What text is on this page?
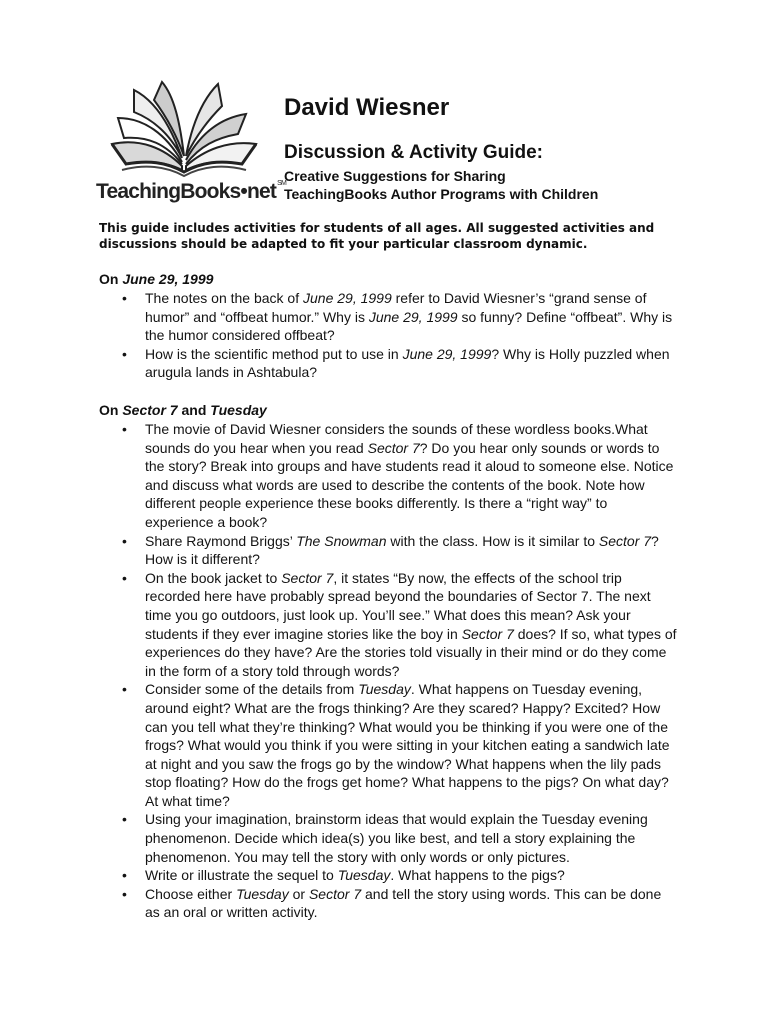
TeachingBooks•net℠
David Wiesner
Discussion & Activity Guide:
Creative Suggestions for Sharing
TeachingBooks Author Programs with Children
This guide includes activities for students of all ages. All suggested activities and
discussions should be adapted to fit your particular classroom dynamic.
On June 29, 1999
• The notes on the back of June 29, 1999 refer to David Wiesner’s “grand sense of humor” and “offbeat humor.” Why is June 29, 1999 so funny? Define “offbeat”. Why is the humor considered offbeat?
• How is the scientific method put to use in June 29, 1999? Why is Holly puzzled when arugula lands in Ashtabula?
On Sector 7 and Tuesday
• The movie of David Wiesner considers the sounds of these wordless books.What sounds do you hear when you read Sector 7? Do you hear only sounds or words to the story? Break into groups and have students read it aloud to someone else. Notice and discuss what words are used to describe the contents of the book. Note how different people experience these books differently. Is there a “right way” to experience a book?
• Share Raymond Briggs’ The Snowman with the class. How is it similar to Sector 7? How is it different?
• On the book jacket to Sector 7, it states “By now, the effects of the school trip recorded here have probably spread beyond the boundaries of Sector 7. The next time you go outdoors, just look up. You’ll see.” What does this mean? Ask your students if they ever imagine stories like the boy in Sector 7 does? If so, what types of experiences do they have? Are the stories told visually in their mind or do they come in the form of a story told through words?
• Consider some of the details from Tuesday. What happens on Tuesday evening, around eight? What are the frogs thinking? Are they scared? Happy? Excited? How can you tell what they’re thinking? What would you be thinking if you were one of the frogs? What would you think if you were sitting in your kitchen eating a sandwich late at night and you saw the frogs go by the window? What happens when the lily pads stop floating? How do the frogs get home? What happens to the pigs? On what day? At what time?
• Using your imagination, brainstorm ideas that would explain the Tuesday evening phenomenon. Decide which idea(s) you like best, and tell a story explaining the phenomenon. You may tell the story with only words or only pictures.
• Write or illustrate the sequel to Tuesday. What happens to the pigs?
• Choose either Tuesday or Sector 7 and tell the story using words. This can be done as an oral or written activity.
